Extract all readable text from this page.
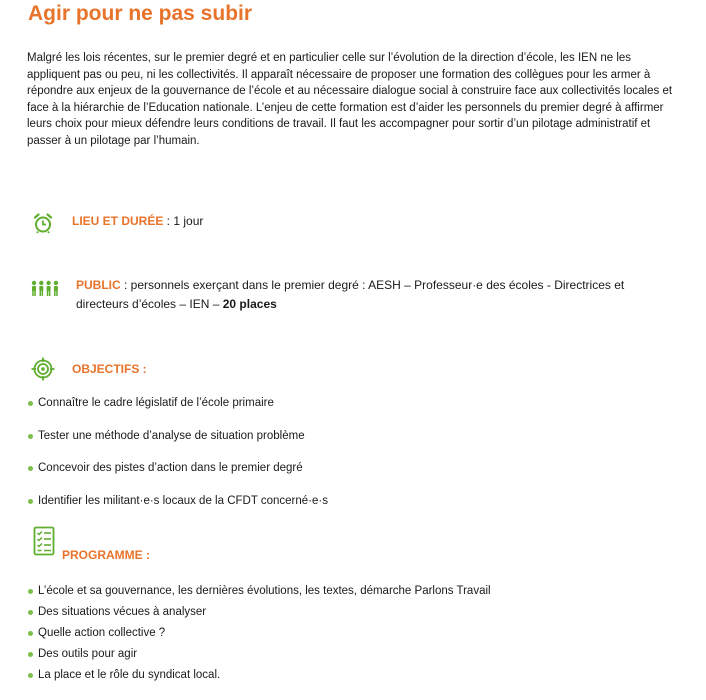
Agir pour ne pas subir

Malgré les lois récentes, sur le premier degré et en particulier celle sur l’évolution de la direction d’école, les IEN ne les appliquent pas ou peu, ni les collectivités. Il apparaît nécessaire de proposer une formation des collègues pour les armer à répondre aux enjeux de la gouvernance de l’école et au nécessaire dialogue social à construire face aux collectivités locales et face à la hiérarchie de l’Education nationale. L’enjeu de cette formation est d’aider les personnels du premier degré à affirmer leurs choix pour mieux défendre leurs conditions de travail. Il faut les accompagner pour sortir d’un pilotage administratif et passer à un pilotage par l’humain.

LIEU ET DURÉE : 1 jour
PUBLIC : personnels exerçant dans le premier degré : AESH – Professeur·e des écoles - Directrices et
directeurs d’écoles – IEN – 20 places
OBJECTIFS :
Connaître le cadre législatif de l’école primaire
Tester une méthode d’analyse de situation problème
Concevoir des pistes d’action dans le premier degré
Identifier les militant·e·s locaux de la CFDT concerné·e·s
PROGRAMME :
L’école et sa gouvernance, les dernières évolutions, les textes, démarche Parlons Travail
Des situations vécues à analyser
Quelle action collective ?
Des outils pour agir
La place et le rôle du syndicat local.
